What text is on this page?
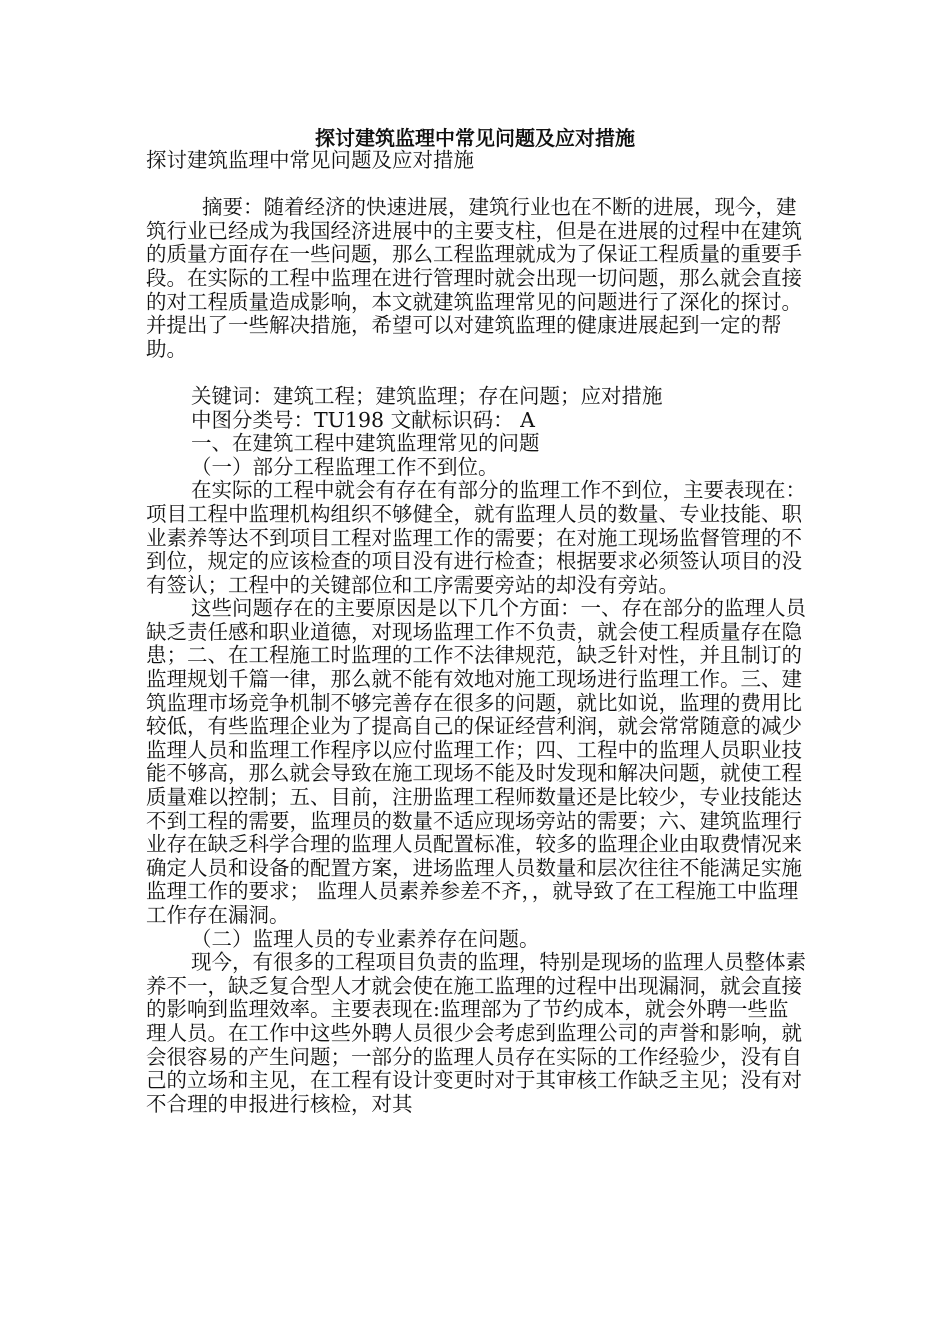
探讨建筑监理中常见问题及应对措施

探讨建筑监理中常见问题及应对措施

摘要：随着经济的快速进展，建筑行业也在不断的进展，现今，建筑行业已经成为我国经济进展中的主要支柱，但是在进展的过程中在建筑的质量方面存在一些问题，那么工程监理就成为了保证工程质量的重要手段。在实际的工程中监理在进行管理时就会出现一切问题，那么就会直接的对工程质量造成影响，本文就建筑监理常见的问题进行了深化的探讨。并提出了一些解决措施，希望可以对建筑监理的健康进展起到一定的帮助。

关键词：建筑工程；建筑监理；存在问题；应对措施

中图分类号：TU198 文献标识码： A

一、在建筑工程中建筑监理常见的问题

（一）部分工程监理工作不到位。

在实际的工程中就会有存在有部分的监理工作不到位，主要表现在：项目工程中监理机构组织不够健全，就有监理人员的数量、专业技能、职业素养等达不到项目工程对监理工作的需要；在对施工现场监督管理的不到位，规定的应该检查的项目没有进行检查；根据要求必须签认项目的没有签认；工程中的关键部位和工序需要旁站的却没有旁站。

这些问题存在的主要原因是以下几个方面：一、存在部分的监理人员缺乏责任感和职业道德，对现场监理工作不负责，就会使工程质量存在隐患；二、在工程施工时监理的工作不法律规范，缺乏针对性，并且制订的监理规划千篇一律，那么就不能有效地对施工现场进行监理工作。三、建筑监理市场竞争机制不够完善存在很多的问题，就比如说，监理的费用比较低，有些监理企业为了提高自己的保证经营利润，就会常常随意的减少监理人员和监理工作程序以应付监理工作；四、工程中的监理人员职业技能不够高，那么就会导致在施工现场不能及时发现和解决问题，就使工程质量难以控制；五、目前，注册监理工程师数量还是比较少，专业技能达不到工程的需要，监理员的数量不适应现场旁站的需要；六、建筑监理行业存在缺乏科学合理的监理人员配置标准，较多的监理企业由取费情况来确定人员和设备的配置方案，进场监理人员数量和层次往往不能满足实施监理工作的要求； 监理人员素养参差不齐，，就导致了在工程施工中监理工作存在漏洞。

（二）监理人员的专业素养存在问题。

现今，有很多的工程项目负责的监理，特别是现场的监理人员整体素养不一，缺乏复合型人才就会使在施工监理的过程中出现漏洞，就会直接的影响到监理效率。主要表现在:监理部为了节约成本，就会外聘一些监理人员。在工作中这些外聘人员很少会考虑到监理公司的声誉和影响，就会很容易的产生问题；一部分的监理人员存在实际的工作经验少，没有自己的立场和主见，在工程有设计变更时对于其审核工作缺乏主见；没有对不合理的申报进行核检，对其
